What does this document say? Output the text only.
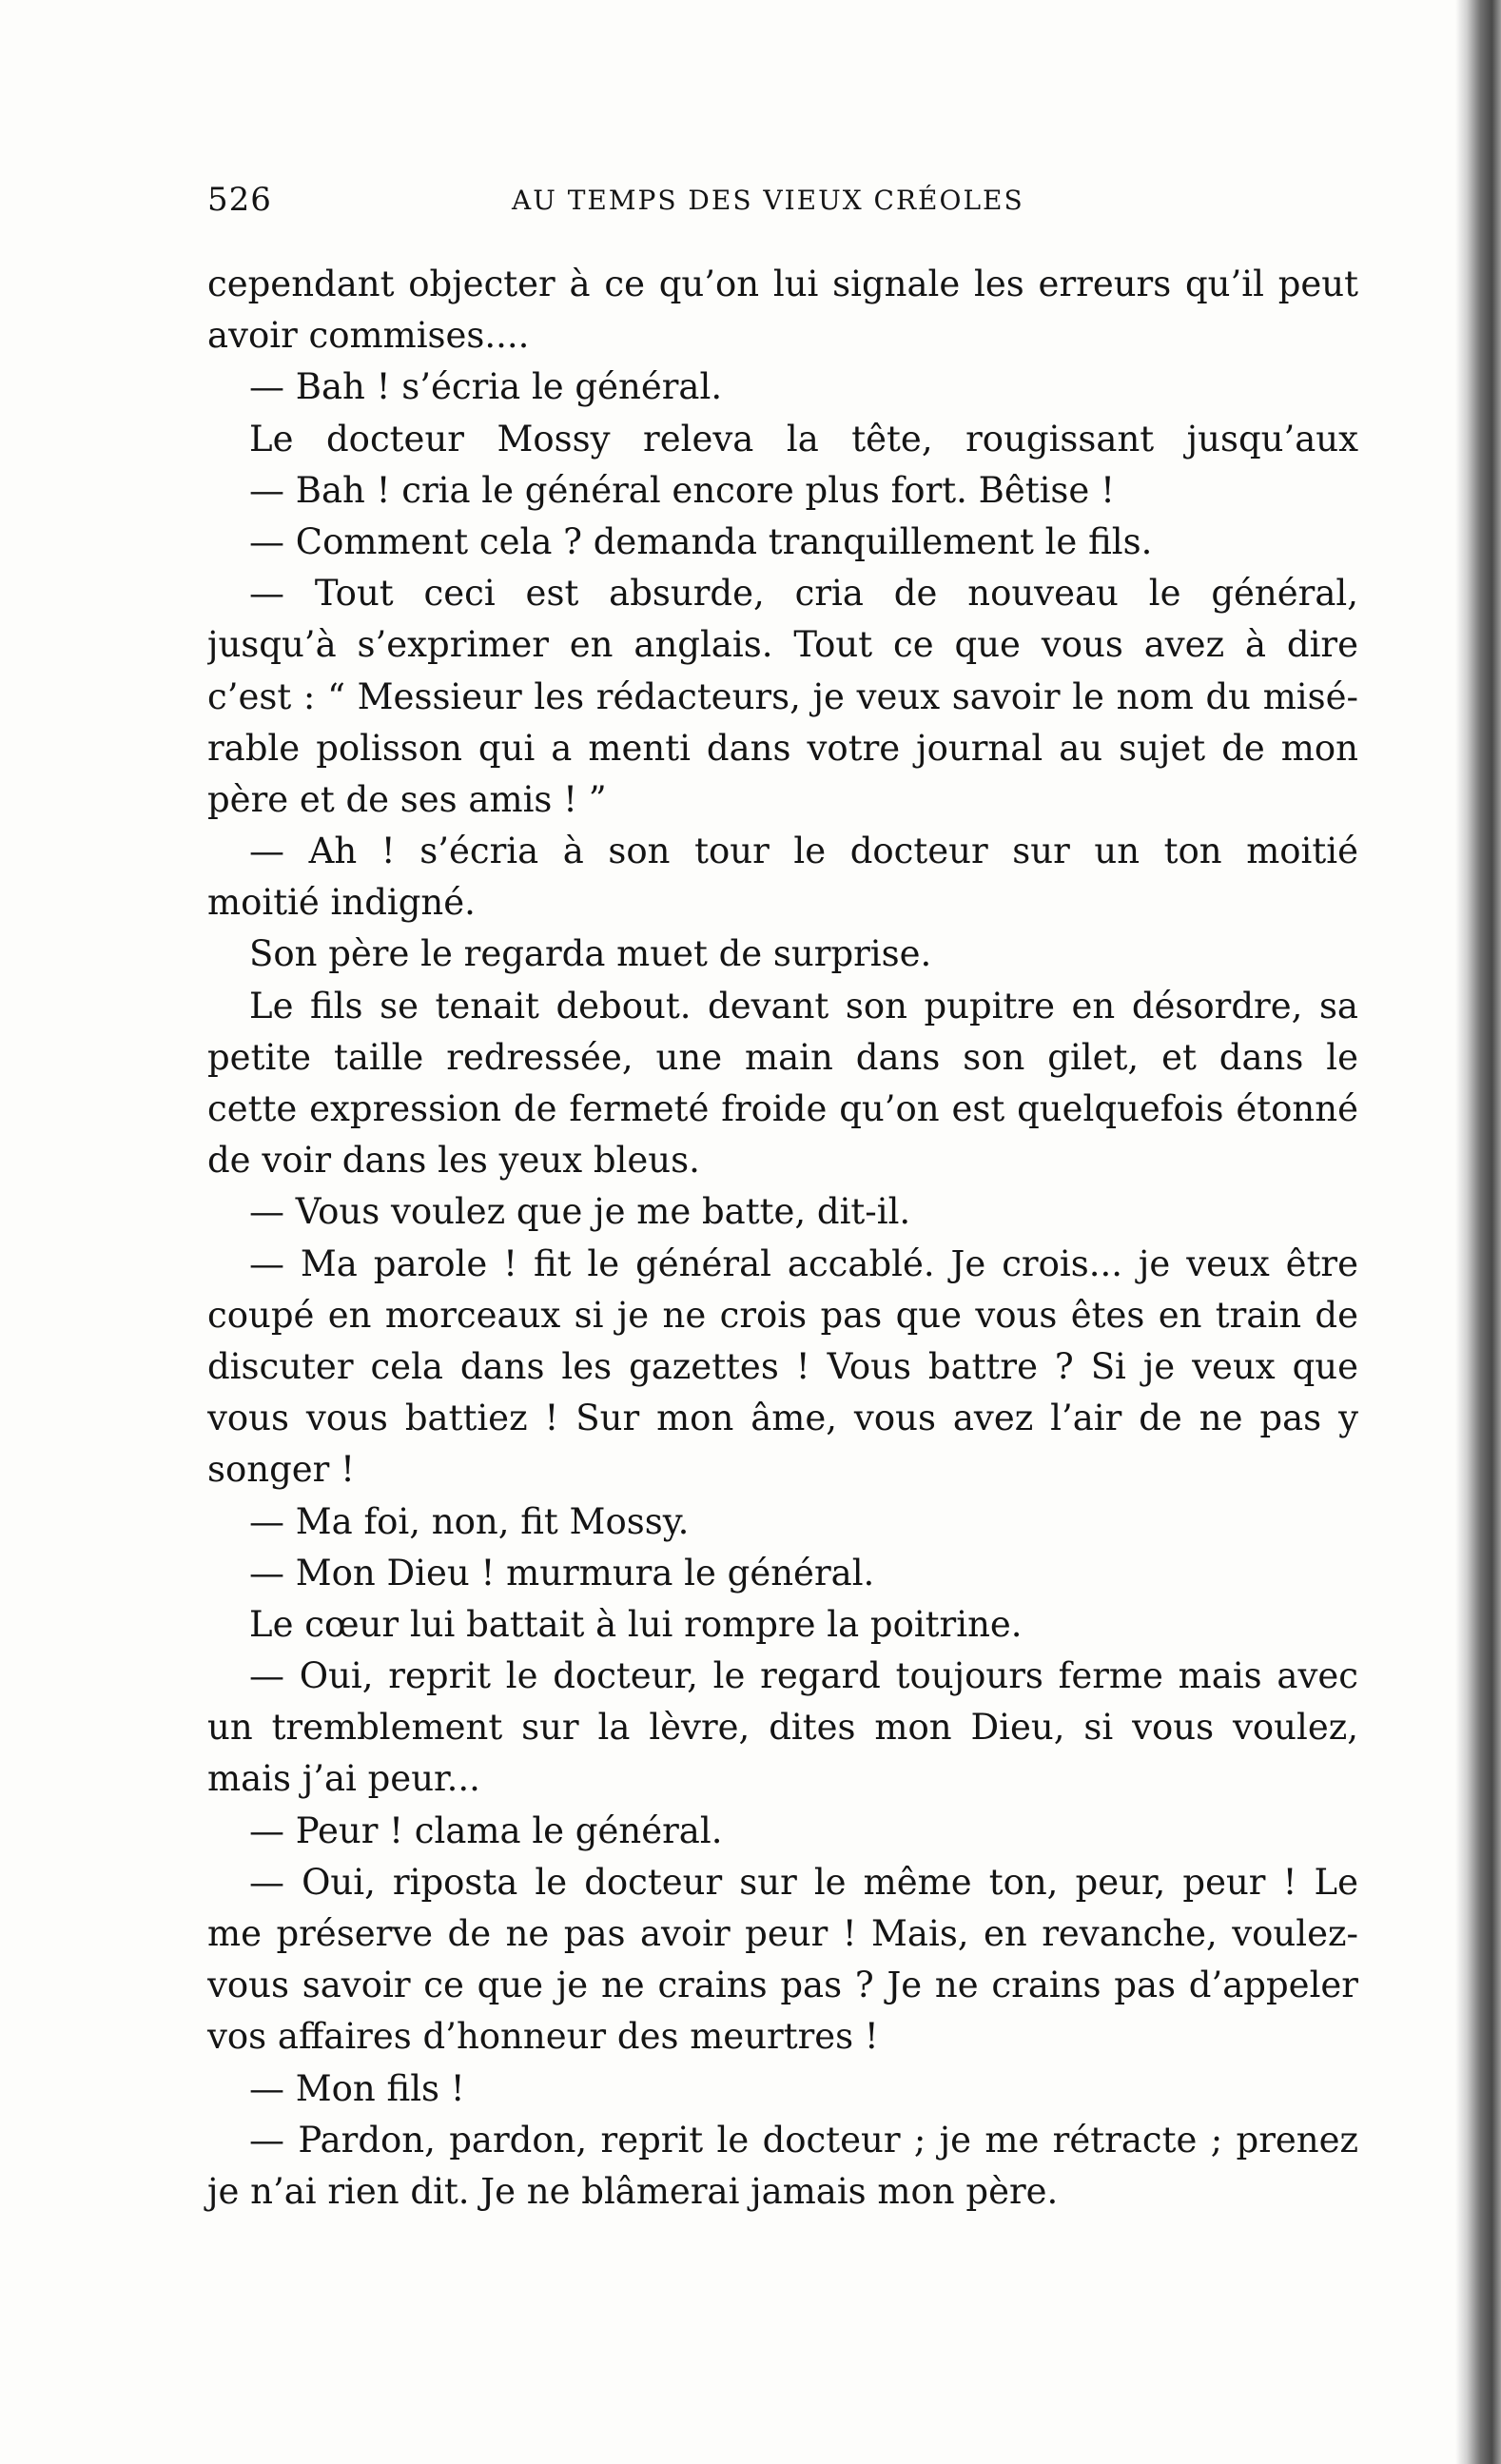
526	AU TEMPS DES VIEUX CRÉOLES
cependant objecter à ce qu’on lui signale les erreurs qu’il peut
avoir commises....
— Bah ! s’écria le général.
Le docteur Mossy releva la tête, rougissant jusqu’aux
— Bah ! cria le général encore plus fort. Bêtise !
— Comment cela ? demanda tranquillement le fils.
— Tout ceci est absurde, cria de nouveau le général,
jusqu’à s’exprimer en anglais. Tout ce que vous avez à dire
c’est : “ Messieur les rédacteurs, je veux savoir le nom du misé-
rable polisson qui a menti dans votre journal au sujet de mon
père et de ses amis ! ”
— Ah ! s’écria à son tour le docteur sur un ton moitié
moitié indigné.
Son père le regarda muet de surprise.
Le fils se tenait debout. devant son pupitre en désordre, sa
petite taille redressée, une main dans son gilet, et dans le
cette expression de fermeté froide qu’on est quelquefois étonné
de voir dans les yeux bleus.
— Vous voulez que je me batte, dit-il.
— Ma parole ! fit le général accablé. Je crois... je veux être
coupé en morceaux si je ne crois pas que vous êtes en train de
discuter cela dans les gazettes ! Vous battre ? Si je veux que
vous vous battiez ! Sur mon âme, vous avez l’air de ne pas y
songer !
— Ma foi, non, fit Mossy.
— Mon Dieu ! murmura le général.
Le cœur lui battait à lui rompre la poitrine.
— Oui, reprit le docteur, le regard toujours ferme mais avec
un tremblement sur la lèvre, dites mon Dieu, si vous voulez,
mais j’ai peur...
— Peur ! clama le général.
— Oui, riposta le docteur sur le même ton, peur, peur ! Le
me préserve de ne pas avoir peur ! Mais, en revanche, voulez-
vous savoir ce que je ne crains pas ? Je ne crains pas d’appeler
vos affaires d’honneur des meurtres !
— Mon fils !
— Pardon, pardon, reprit le docteur ; je me rétracte ; prenez
je n’ai rien dit. Je ne blâmerai jamais mon père.
